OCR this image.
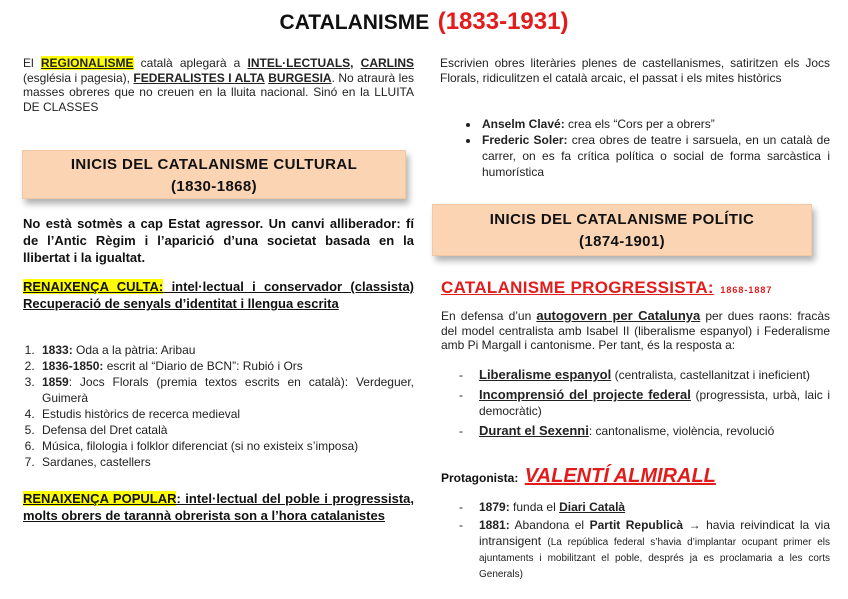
CATALANISME (1833-1931)
El REGIONALISME català aplegarà a INTEL·LECTUALS, CARLINS (església i pagesia), FEDERALISTES I ALTA BURGESIA. No atraurà les masses obreres que no creuen en la lluita nacional. Sinó en la LLUITA DE CLASSES
INICIS DEL CATALANISME CULTURAL
(1830-1868)
No està sotmès a cap Estat agressor. Un canvi alliberador: fí de l’Antic Règim i l’aparició d’una societat basada en la llibertat i la igualtat.
RENAIXENÇA CULTA: intel·lectual i conservador (classista) Recuperació de senyals d’identitat i llengua escrita
1. 1833: Oda a la pàtria: Aribau
2. 1836-1850: escrit al “Diario de BCN”: Rubió i Ors
3. 1859: Jocs Florals (premia textos escrits en català): Verdeguer, Guimerà
4. Estudis històrics de recerca medieval
5. Defensa del Dret català
6. Música, filologia i folklor diferenciat (si no existeix s’imposa)
7. Sardanes, castellers
RENAIXENÇA POPULAR: intel·lectual del poble i progressista, molts obrers de tarannà obrerista son a l’hora catalanistes
Escrivien obres literàries plenes de castellanismes, satiritzen els Jocs Florals, ridiculitzen el català arcaic, el passat i els mites històrics
• Anselm Clavé: crea els “Cors per a obrers”
• Frederic Soler: crea obres de teatre i sarsuela, en un català de carrer, on es fa crítica política o social de forma sarcàstica i humorística
INICIS DEL CATALANISME POLÍTIC
(1874-1901)
CATALANISME PROGRESSISTA: 1868-1887
En defensa d’un autogovern per Catalunya per dues raons: fracàs del model centralista amb Isabel II (liberalisme espanyol) i Federalisme amb Pi Margall i cantonisme. Per tant, és la resposta a:
- Liberalisme espanyol (centralista, castellanitzat i ineficient)
- Incomprensió del projecte federal (progressista, urbà, laic i democràtic)
- Durant el Sexenni: cantonalisme, violència, revolució
Protagonista: VALENTÍ ALMIRALL
- 1879: funda el Diari Català
- 1881: Abandona el Partit Republicà → havia reivindicat la via intransigent (La república federal s’havia d’implantar ocupant primer els ajuntaments i mobilitzant el poble, després ja es proclamaria a les corts Generals)
